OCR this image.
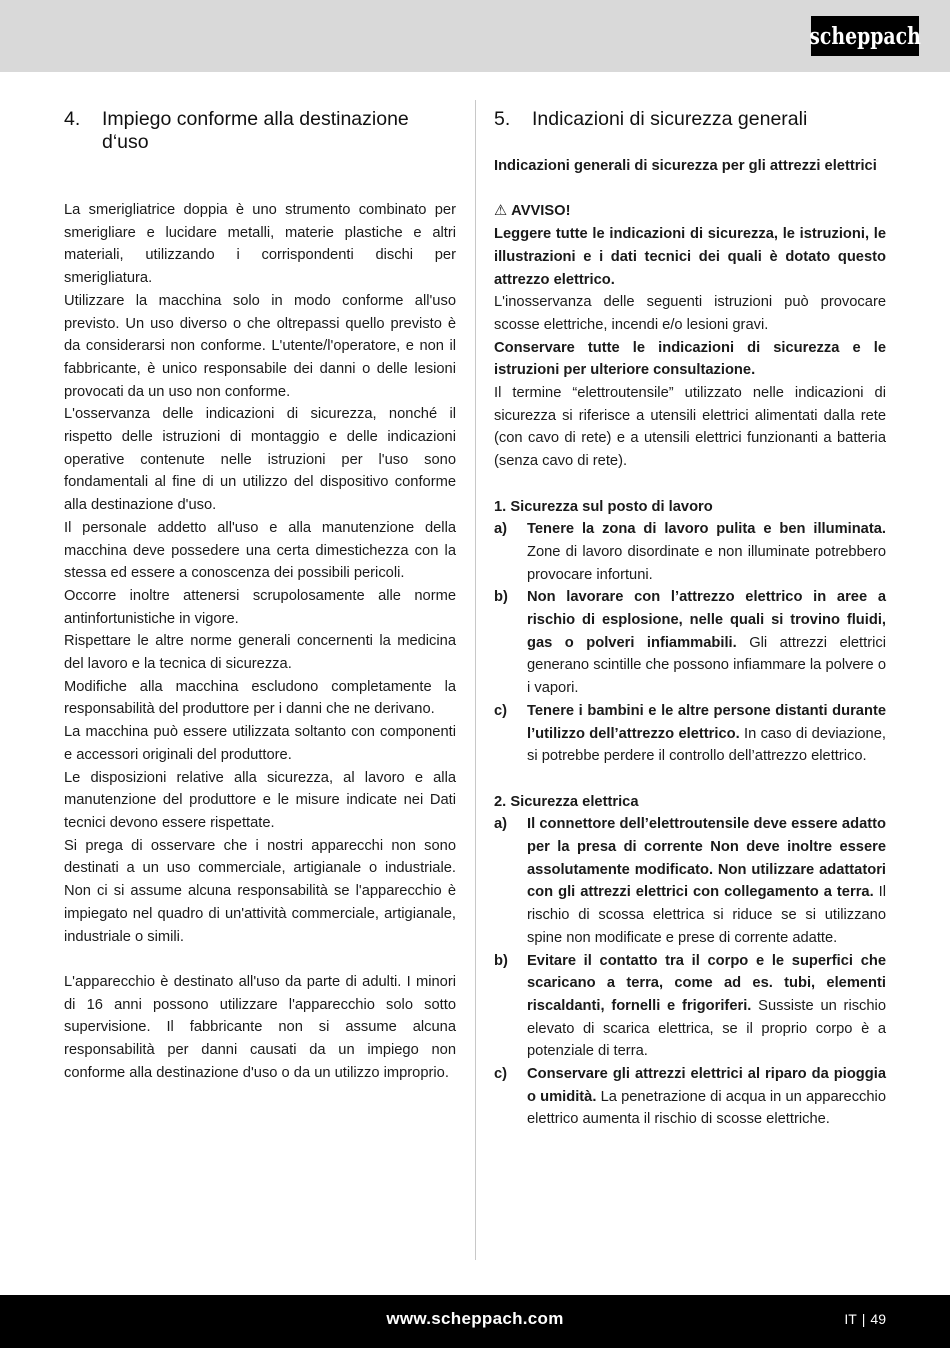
scheppach
4.	Impiego conforme alla destinazione d‘uso

La smerigliatrice doppia è uno strumento combinato per smerigliare e lucidare metalli, materie plastiche e altri materiali, utilizzando i corrispondenti dischi per smerigliatura.

Utilizzare la macchina solo in modo conforme all'uso previsto. Un uso diverso o che oltrepassi quello previsto è da considerarsi non conforme. L'utente/l'operatore, e non il fabbricante, è unico responsabile dei danni o delle lesioni provocati da un uso non conforme.

L'osservanza delle indicazioni di sicurezza, nonché il rispetto delle istruzioni di montaggio e delle indicazioni operative contenute nelle istruzioni per l'uso sono fondamentali al fine di un utilizzo del dispositivo conforme alla destinazione d'uso.

Il personale addetto all'uso e alla manutenzione della macchina deve possedere una certa dimestichezza con la stessa ed essere a conoscenza dei possibili pericoli.

Occorre inoltre attenersi scrupolosamente alle norme antinfortunistiche in vigore.

Rispettare le altre norme generali concernenti la medicina del lavoro e la tecnica di sicurezza.

Modifiche alla macchina escludono completamente la responsabilità del produttore per i danni che ne derivano.

La macchina può essere utilizzata soltanto con componenti e accessori originali del produttore.

Le disposizioni relative alla sicurezza, al lavoro e alla manutenzione del produttore e le misure indicate nei Dati tecnici devono essere rispettate.

Si prega di osservare che i nostri apparecchi non sono destinati a un uso commerciale, artigianale o industriale. Non ci si assume alcuna responsabilità se l'apparecchio è impiegato nel quadro di un'attività commerciale, artigianale, industriale o simili.

L'apparecchio è destinato all'uso da parte di adulti. I minori di 16 anni possono utilizzare l'apparecchio solo sotto supervisione. Il fabbricante non si assume alcuna responsabilità per danni causati da un impiego non conforme alla destinazione d'uso o da un utilizzo improprio.

5.	Indicazioni di sicurezza generali

Indicazioni generali di sicurezza per gli attrezzi elettrici

⚠ AVVISO!

Leggere tutte le indicazioni di sicurezza, le istruzioni, le illustrazioni e i dati tecnici dei quali è dotato questo attrezzo elettrico.

L'inosservanza delle seguenti istruzioni può provocare scosse elettriche, incendi e/o lesioni gravi.

Conservare tutte le indicazioni di sicurezza e le istruzioni per ulteriore consultazione.

Il termine “elettroutensile” utilizzato nelle indicazioni di sicurezza si riferisce a utensili elettrici alimentati dalla rete (con cavo di rete) e a utensili elettrici funzionanti a batteria (senza cavo di rete).

1. Sicurezza sul posto di lavoro

a)	Tenere la zona di lavoro pulita e ben illuminata. Zone di lavoro disordinate e non illuminate potrebbero provocare infortuni.
b)	Non lavorare con l’attrezzo elettrico in aree a rischio di esplosione, nelle quali si trovino fluidi, gas o polveri infiammabili. Gli attrezzi elettrici generano scintille che possono infiammare la polvere o i vapori.
c)	Tenere i bambini e le altre persone distanti durante l’utilizzo dell’attrezzo elettrico. In caso di deviazione, si potrebbe perdere il controllo dell’attrezzo elettrico.

2. Sicurezza elettrica

a)	Il connettore dell’elettroutensile deve essere adatto per la presa di corrente Non deve inoltre essere assolutamente modificato. Non utilizzare adattatori con gli attrezzi elettrici con collegamento a terra. Il rischio di scossa elettrica si riduce se si utilizzano spine non modificate e prese di corrente adatte.
b)	Evitare il contatto tra il corpo e le superfici che scaricano a terra, come ad es. tubi, elementi riscaldanti, fornelli e frigoriferi. Sussiste un rischio elevato di scarica elettrica, se il proprio corpo è a potenziale di terra.
c)	Conservare gli attrezzi elettrici al riparo da pioggia o umidità. La penetrazione di acqua in un apparecchio elettrico aumenta il rischio di scosse elettriche.
www.scheppach.com	IT | 49
